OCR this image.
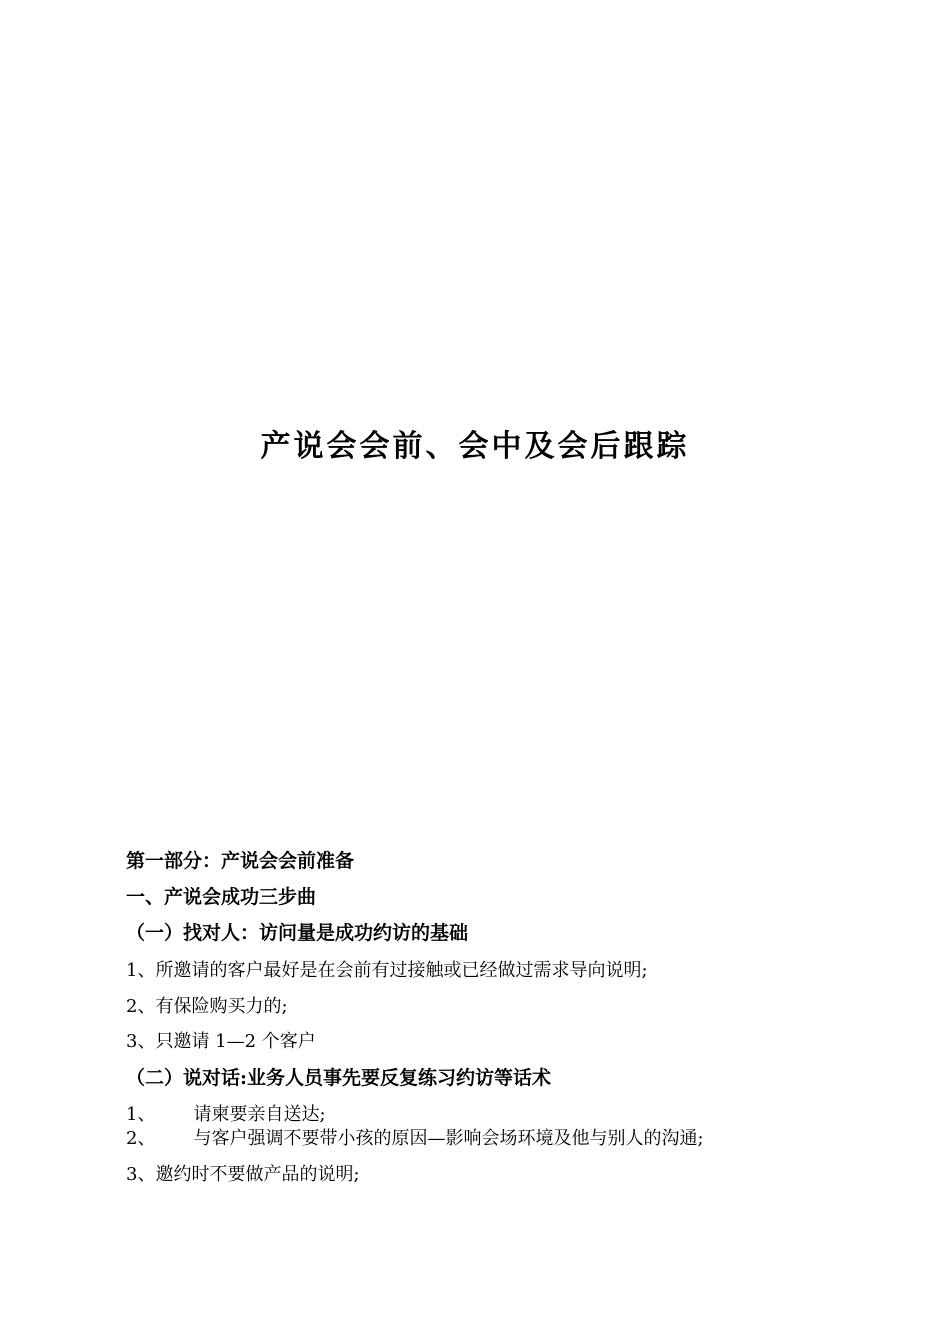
产说会会前、会中及会后跟踪
第一部分：产说会会前准备
一、产说会成功三步曲
（一）找对人：访问量是成功约访的基础
1、所邀请的客户最好是在会前有过接触或已经做过需求导向说明;
2、有保险购买力的;
3、只邀请 1—2 个客户
（二）说对话:业务人员事先要反复练习约访等话术
1、 请柬要亲自送达;
2、 与客户强调不要带小孩的原因—影响会场环境及他与别人的沟通;
3、邀约时不要做产品的说明;
